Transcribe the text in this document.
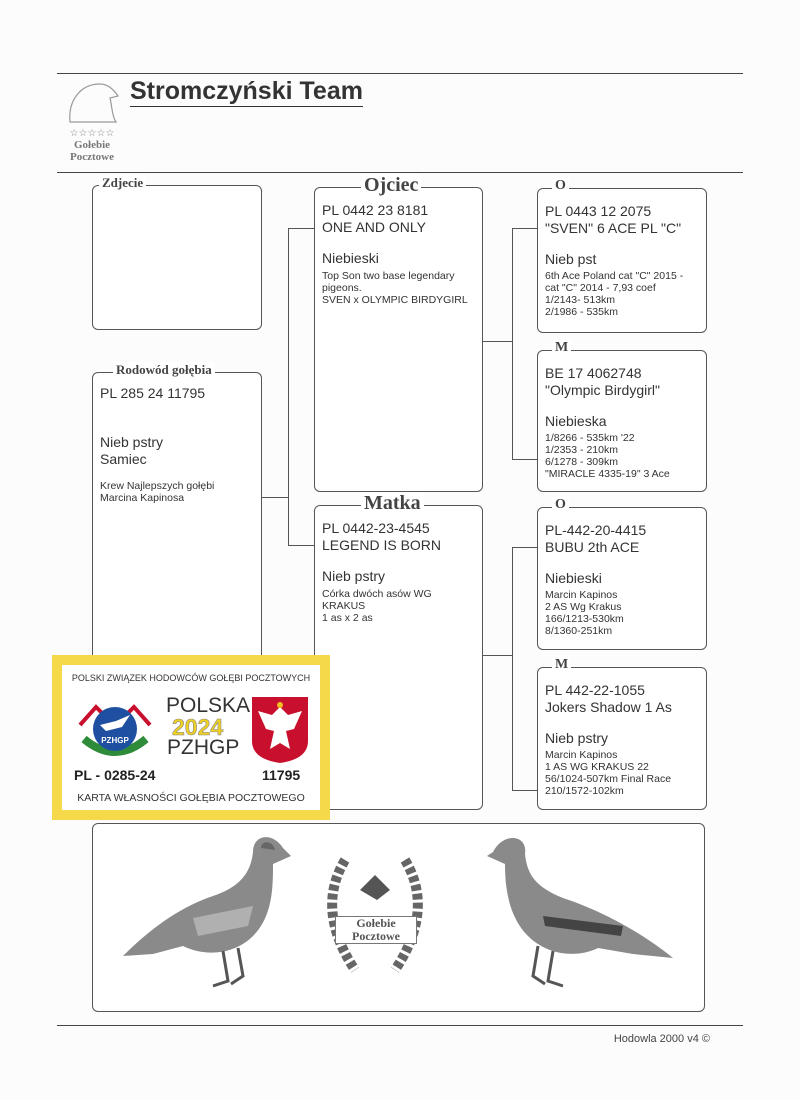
☆☆☆☆☆
Gołebie
Pocztowe
Stromczyński Team
Zdjecie
Rodowód gołębia
PL 285 24 11795
Nieb pstry
Samiec
Krew Najlepszych gołębi
Marcina Kapinosa
Ojciec
PL 0442 23 8181
ONE AND ONLY
Niebieski
Top Son two base legendary
pigeons.
SVEN x OLYMPIC BIRDYGIRL
Matka
PL 0442-23-4545
LEGEND IS BORN
Nieb pstry
Córka dwóch asów WG
KRAKUS
1 as x 2 as
O
PL 0443 12 2075
"SVEN" 6 ACE PL "C"
Nieb pst
6th Ace Poland cat "C" 2015 -
cat "C" 2014 - 7,93 coef
1/2143- 513km
2/1986 - 535km
M
BE 17 4062748
"Olympic Birdygirl"
Niebieska
1/8266 - 535km '22
1/2353 - 210km
6/1278 - 309km
"MIRACLE 4335-19" 3 Ace
O
PL-442-20-4415
BUBU 2th ACE
Niebieski
Marcin Kapinos
2 AS Wg Krakus
166/1213-530km
8/1360-251km
M
PL 442-22-1055
Jokers Shadow 1 As
Nieb pstry
Marcin Kapinos
1 AS WG KRAKUS 22
56/1024-507km Final Race
210/1572-102km
POLSKI ZWIĄZEK HODOWCÓW GOŁĘBI POCZTOWYCH
PZHGP
POLSKA
2024
PZHGP
PL - 0285-24	11795
KARTA WŁASNOŚCI GOŁĘBIA POCZTOWEGO
Gołebie
Pocztowe
Hodowla 2000 v4 ©
